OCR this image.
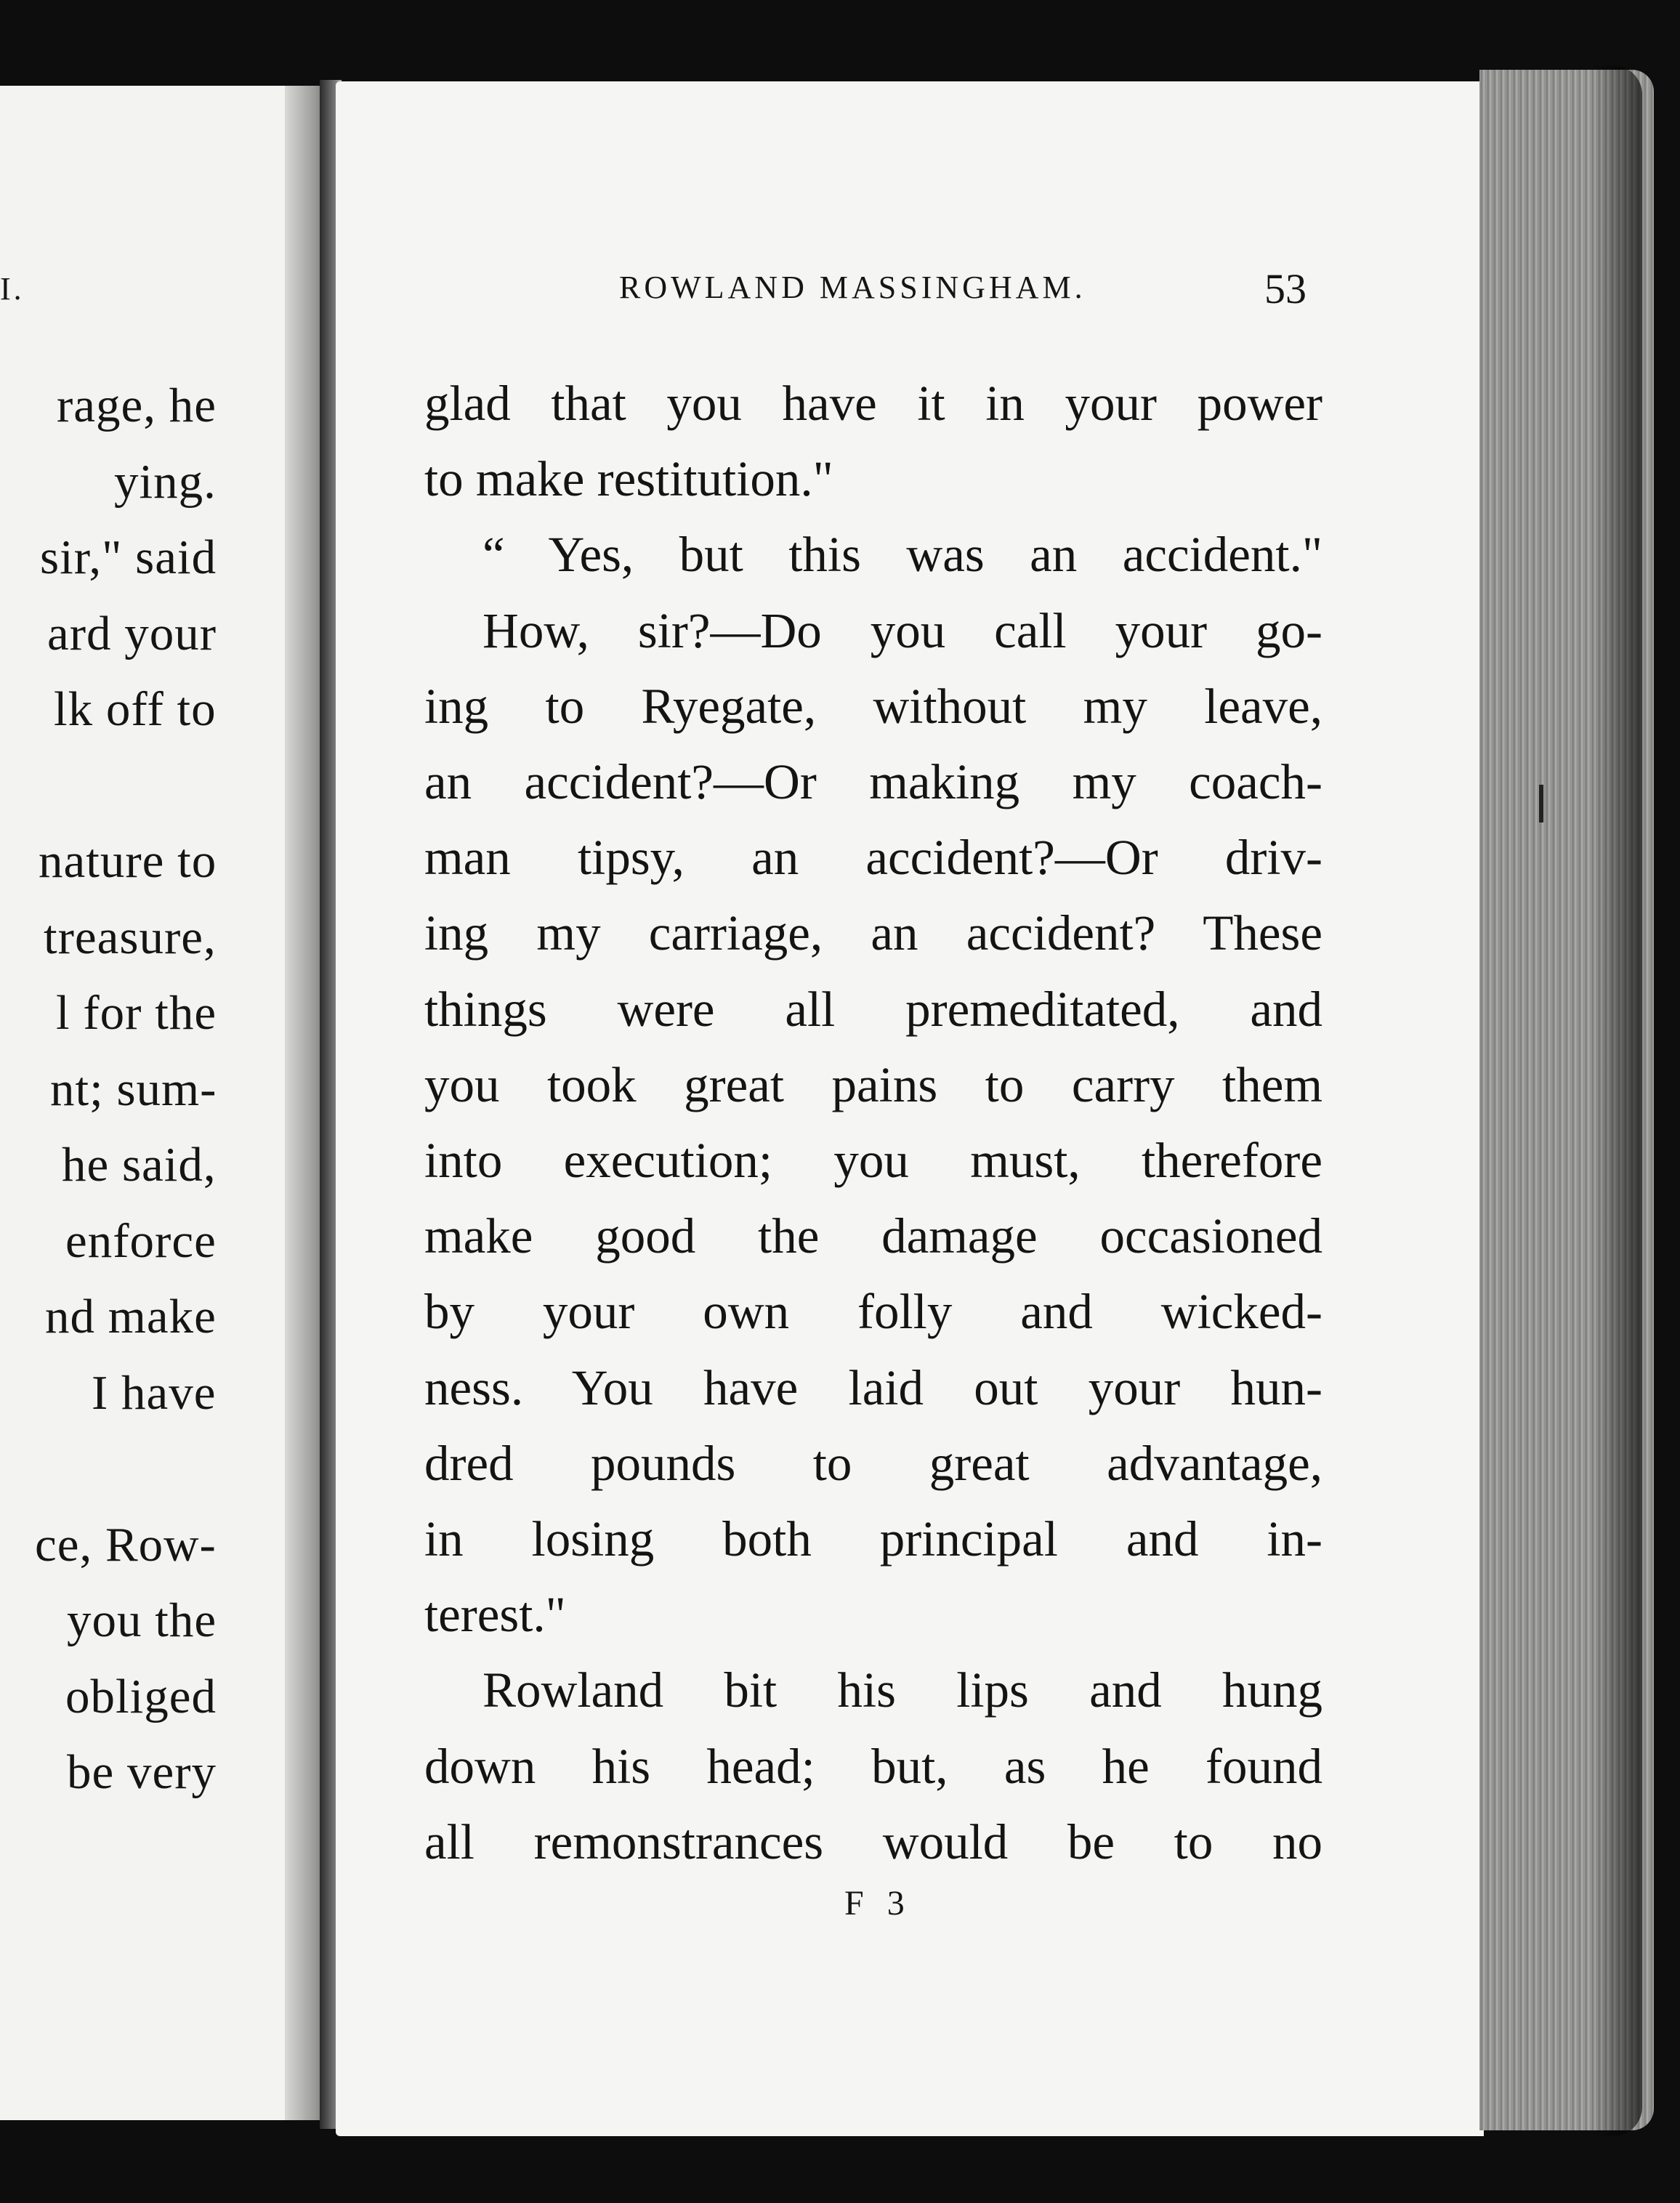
I.
rage, he
ying.
sir," said
ard your
lk off to
nature to
treasure,
l for the
nt; sum-
he said,
enforce
nd make
I have
ce, Row-
you the
obliged
be very
ROWLAND MASSINGHAM.	53
F 3
glad that you have it in your power
to make restitution."
“ Yes, but this was an accident."
How, sir?—Do you call your go-
ing to Ryegate, without my leave,
an accident?—Or making my coach-
man tipsy, an accident?—Or driv-
ing my carriage, an accident? These
things were all premeditated, and
you took great pains to carry them
into execution; you must, therefore
make good the damage occasioned
by your own folly and wicked-
ness. You have laid out your hun-
dred pounds to great advantage,
in losing both principal and in-
terest."
Rowland bit his lips and hung
down his head; but, as he found
all remonstrances would be to no
